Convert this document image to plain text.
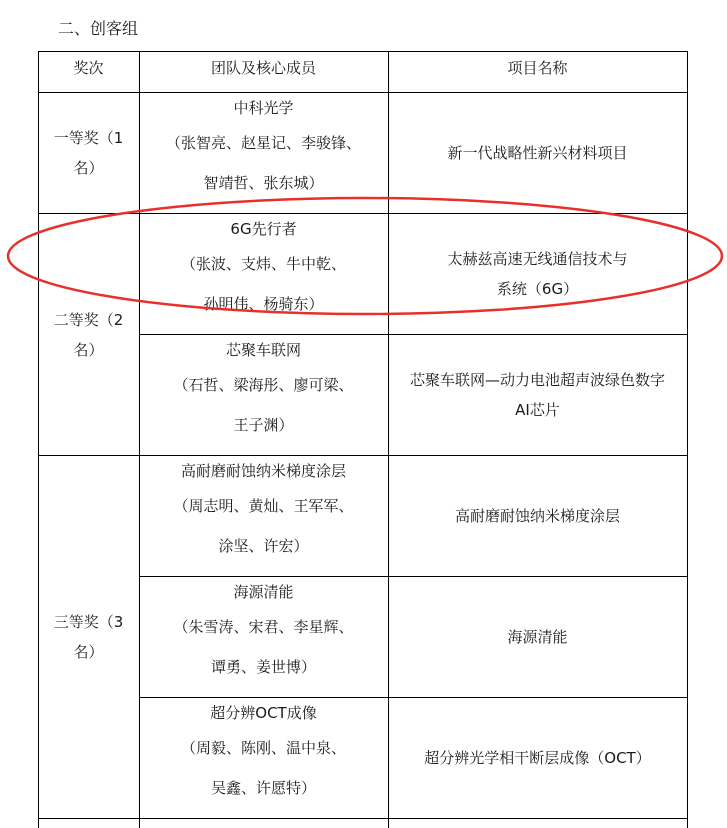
二、创客组
奖次	团队及核心成员	项目名称
中科光学
（张智亮、赵星记、李骏锋、
智靖哲、张东城）
新一代战略性新兴材料项目
一等奖（1
名）
6G先行者
（张波、支炜、牛中乾、
孙明伟、杨骑东）
太赫兹高速无线通信技术与
系统（6G）
芯聚车联网
（石哲、梁海彤、廖可梁、
王子渊）
芯聚车联网—动力电池超声波绿色数字
AI芯片
二等奖（2
名）
高耐磨耐蚀纳米梯度涂层
（周志明、黄灿、王军军、
涂坚、许宏）
高耐磨耐蚀纳米梯度涂层
海源清能
（朱雪涛、宋君、李星辉、
谭勇、姜世博）
海源清能
超分辨OCT成像
（周毅、陈刚、温中泉、
吴鑫、许愿特）
超分辨光学相干断层成像（OCT）
三等奖（3
名）
